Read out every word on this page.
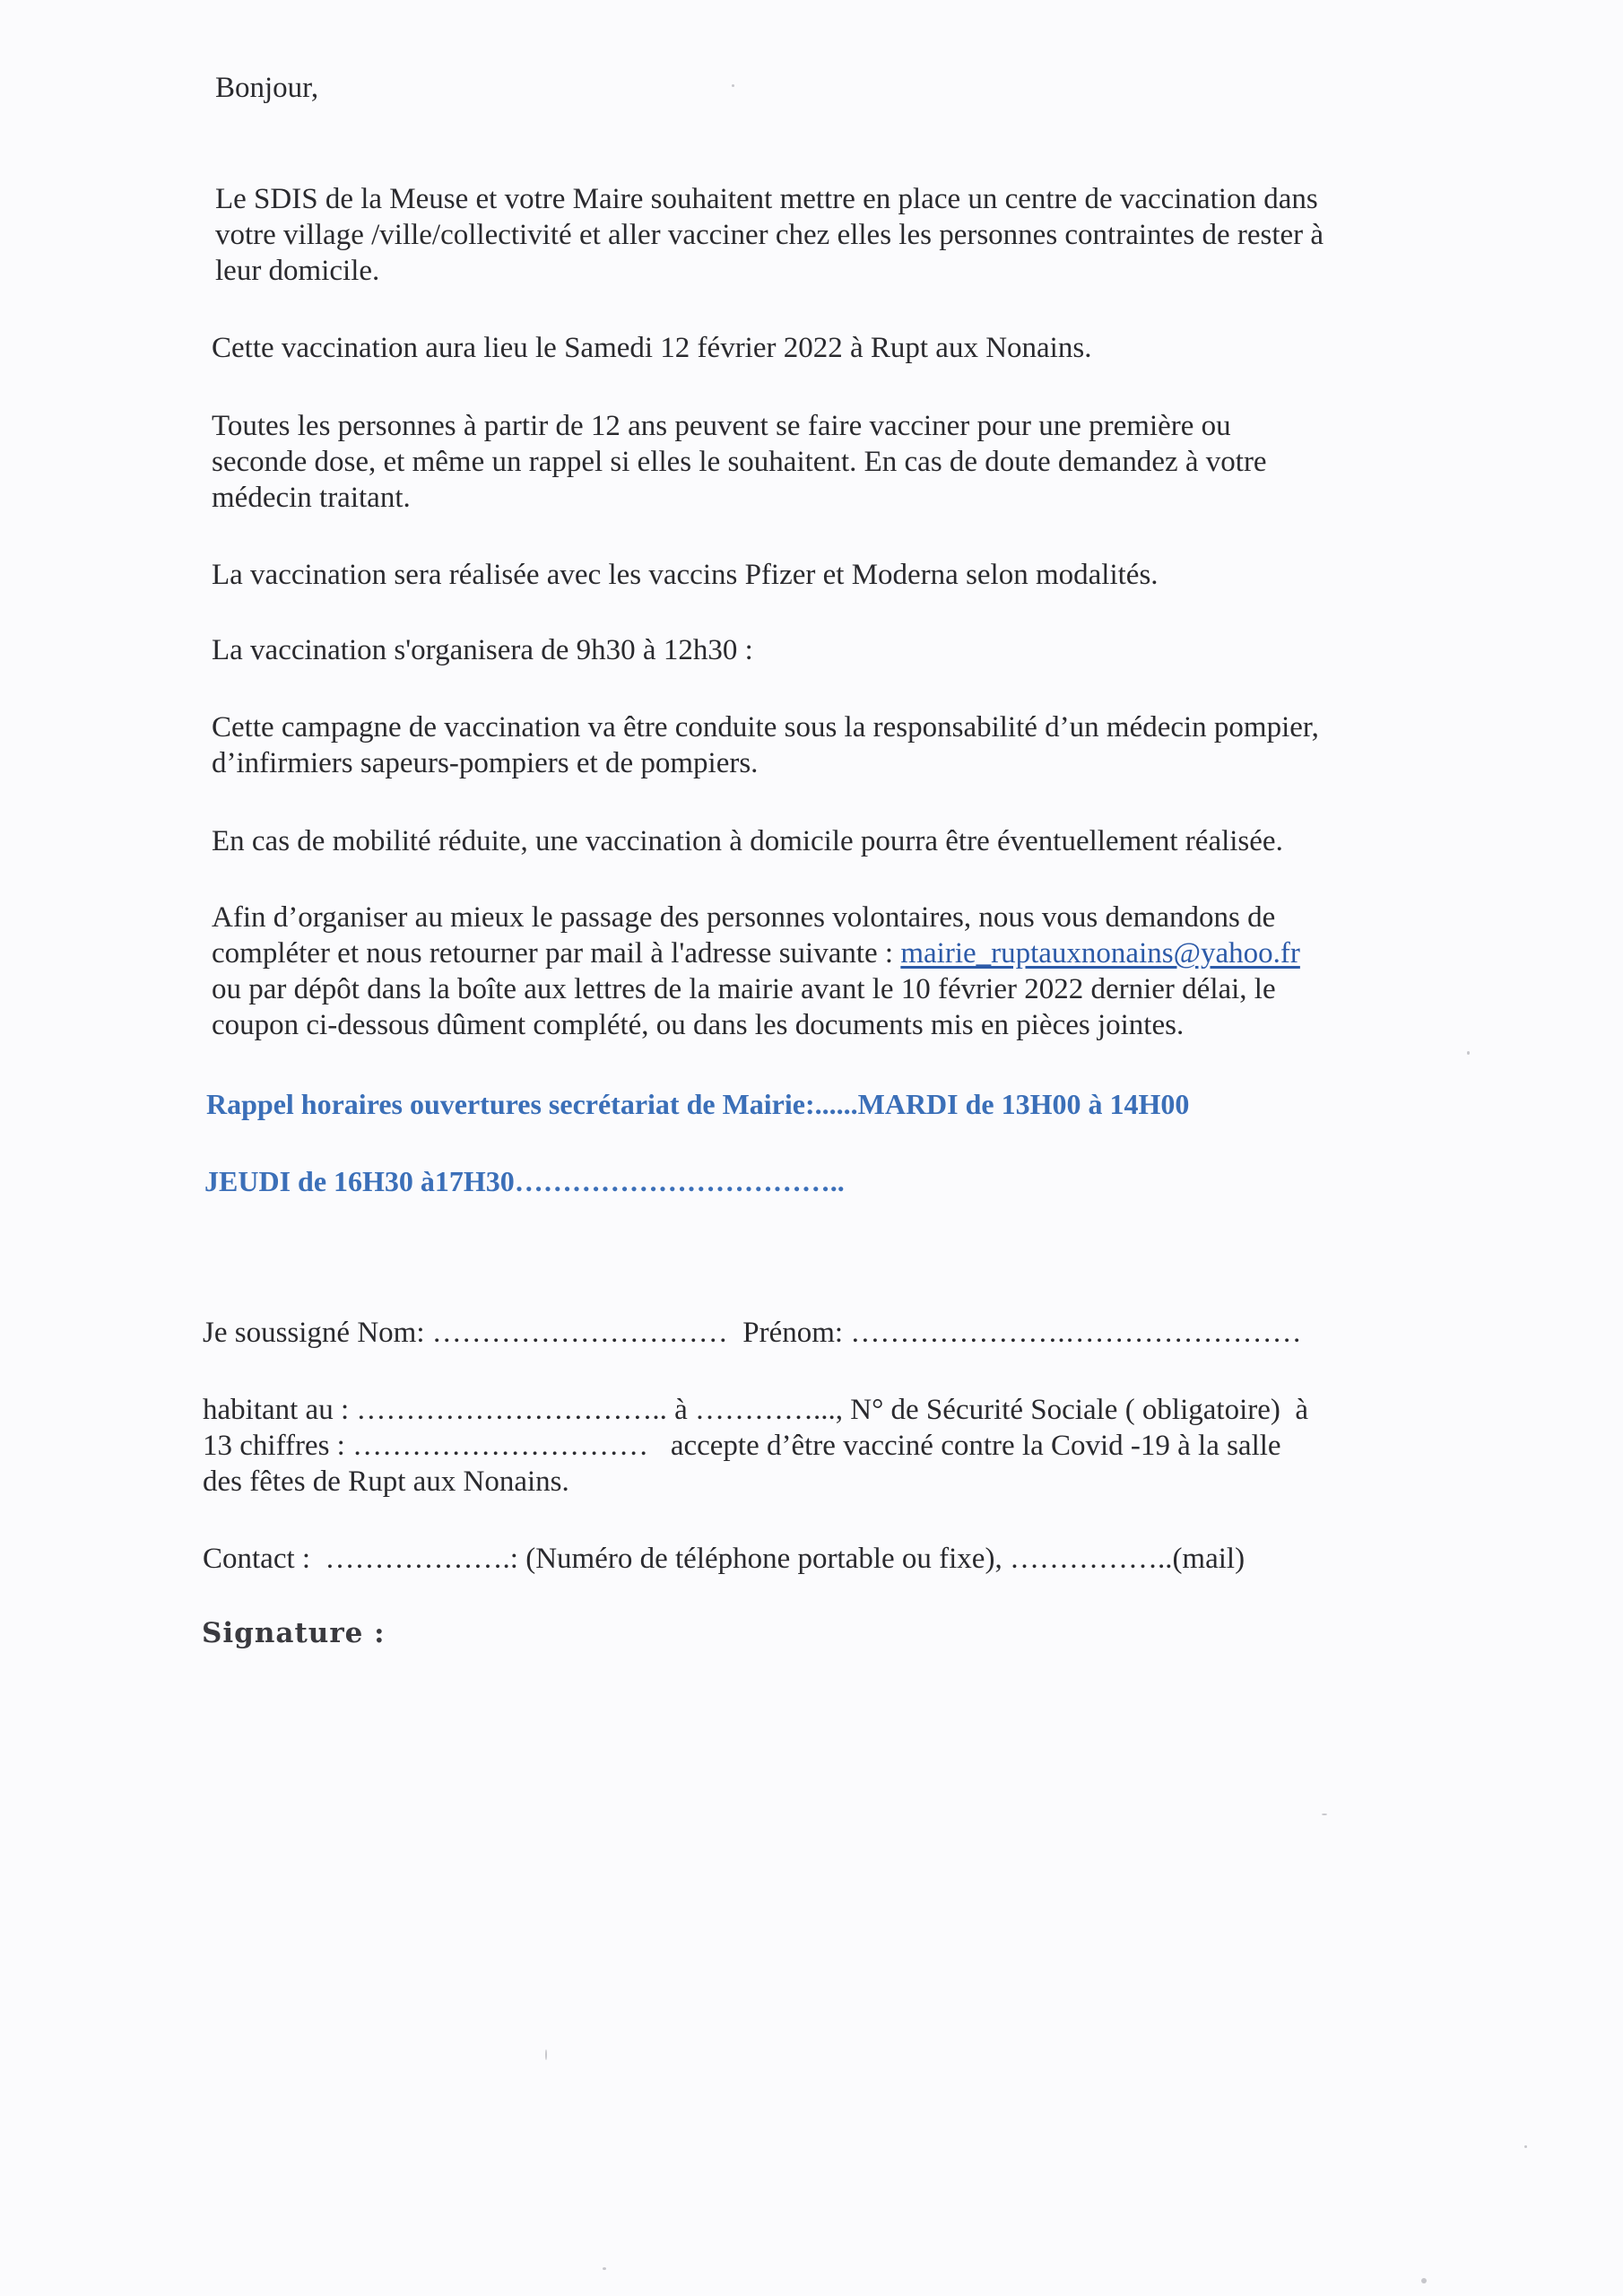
Bonjour,
Le SDIS de la Meuse et votre Maire souhaitent mettre en place un centre de vaccination dans
votre village /ville/collectivité et aller vacciner chez elles les personnes contraintes de rester à
leur domicile.
Cette vaccination aura lieu le Samedi 12 février 2022 à Rupt aux Nonains.
Toutes les personnes à partir de 12 ans peuvent se faire vacciner pour une première ou
seconde dose, et même un rappel si elles le souhaitent. En cas de doute demandez à votre
médecin traitant.
La vaccination sera réalisée avec les vaccins Pfizer et Moderna selon modalités.
La vaccination s'organisera de 9h30 à 12h30 :
Cette campagne de vaccination va être conduite sous la responsabilité d’un médecin pompier,
d’infirmiers sapeurs-pompiers et de pompiers.
En cas de mobilité réduite, une vaccination à domicile pourra être éventuellement réalisée.
Afin d’organiser au mieux le passage des personnes volontaires, nous vous demandons de
compléter et nous retourner par mail à l'adresse suivante : mairie_ruptauxnonains@yahoo.fr
ou par dépôt dans la boîte aux lettres de la mairie avant le 10 février 2022 dernier délai, le
coupon ci-dessous dûment complété, ou dans les documents mis en pièces jointes.
Rappel horaires ouvertures secrétariat de Mairie:......MARDI de 13H00 à 14H00
JEUDI de 16H30 à17H30……………………………..
Je soussigné Nom: …………………………  Prénom: ………………….……………………
habitant au : ………………………….. à …………..., N° de Sécurité Sociale ( obligatoire)  à
13 chiffres : …………………………   accepte d’être vacciné contre la Covid -19 à la salle
des fêtes de Rupt aux Nonains.
Contact :  ……………….: (Numéro de téléphone portable ou fixe), ……………..(mail)
Signature :
